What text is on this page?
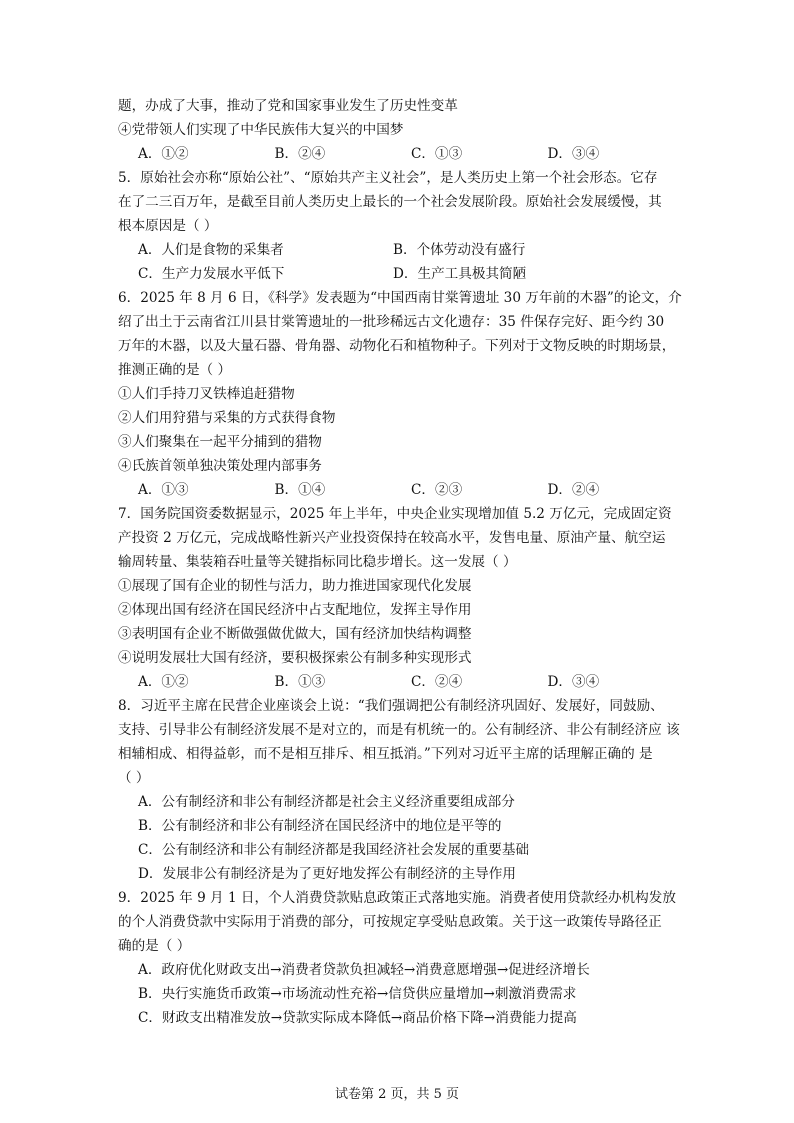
题，办成了大事，推动了党和国家事业发生了历史性变革
④党带领人们实现了中华民族伟大复兴的中国梦
A．①②	B．②④	C．①③	D．③④
5．原始社会亦称“原始公社”、“原始共产主义社会”，是人类历史上第一个社会形态。它存
在了二三百万年，是截至目前人类历史上最长的一个社会发展阶段。原始社会发展缓慢，其
根本原因是（ ）
A．人们是食物的采集者	B．个体劳动没有盛行
C．生产力发展水平低下	D．生产工具极其简陋
6．2025 年 8 月 6 日，《科学》发表题为“中国西南甘棠箐遗址 30 万年前的木器”的论文，介
绍了出土于云南省江川县甘棠箐遗址的一批珍稀远古文化遗存：35 件保存完好、距今约 30
万年的木器，以及大量石器、骨角器、动物化石和植物种子。下列对于文物反映的时期场景，
推测正确的是（ ）
①人们手持刀叉铁棒追赶猎物
②人们用狩猎与采集的方式获得食物
③人们聚集在一起平分捕到的猎物
④氏族首领单独决策处理内部事务
A．①③	B．①④	C．②③	D．②④
7．国务院国资委数据显示，2025 年上半年，中央企业实现增加值 5.2 万亿元，完成固定资
产投资 2 万亿元，完成战略性新兴产业投资保持在较高水平，发售电量、原油产量、航空运
输周转量、集装箱吞吐量等关键指标同比稳步增长。这一发展（ ）
①展现了国有企业的韧性与活力，助力推进国家现代化发展
②体现出国有经济在国民经济中占支配地位，发挥主导作用
③表明国有企业不断做强做优做大，国有经济加快结构调整
④说明发展壮大国有经济，要积极探索公有制多种实现形式
A．①②	B．①③	C．②④	D．③④
8．习近平主席在民营企业座谈会上说：“我们强调把公有制经济巩固好、发展好，同鼓励、
支持、引导非公有制经济发展不是对立的，而是有机统一的。公有制经济、非公有制经济应 该
相辅相成、相得益彰，而不是相互排斥、相互抵消。”下列对习近平主席的话理解正确的 是
（ ）
A．公有制经济和非公有制经济都是社会主义经济重要组成部分
B．公有制经济和非公有制经济在国民经济中的地位是平等的
C．公有制经济和非公有制经济都是我国经济社会发展的重要基础
D．发展非公有制经济是为了更好地发挥公有制经济的主导作用
9．2025 年 9 月 1 日，个人消费贷款贴息政策正式落地实施。消费者使用贷款经办机构发放
的个人消费贷款中实际用于消费的部分，可按规定享受贴息政策。关于这一政策传导路径正
确的是（ ）
A．政府优化财政支出→消费者贷款负担减轻→消费意愿增强→促进经济增长
B．央行实施货币政策→市场流动性充裕→信贷供应量增加→刺激消费需求
C．财政支出精准发放→贷款实际成本降低→商品价格下降→消费能力提高
试卷第 2 页，共 5 页
